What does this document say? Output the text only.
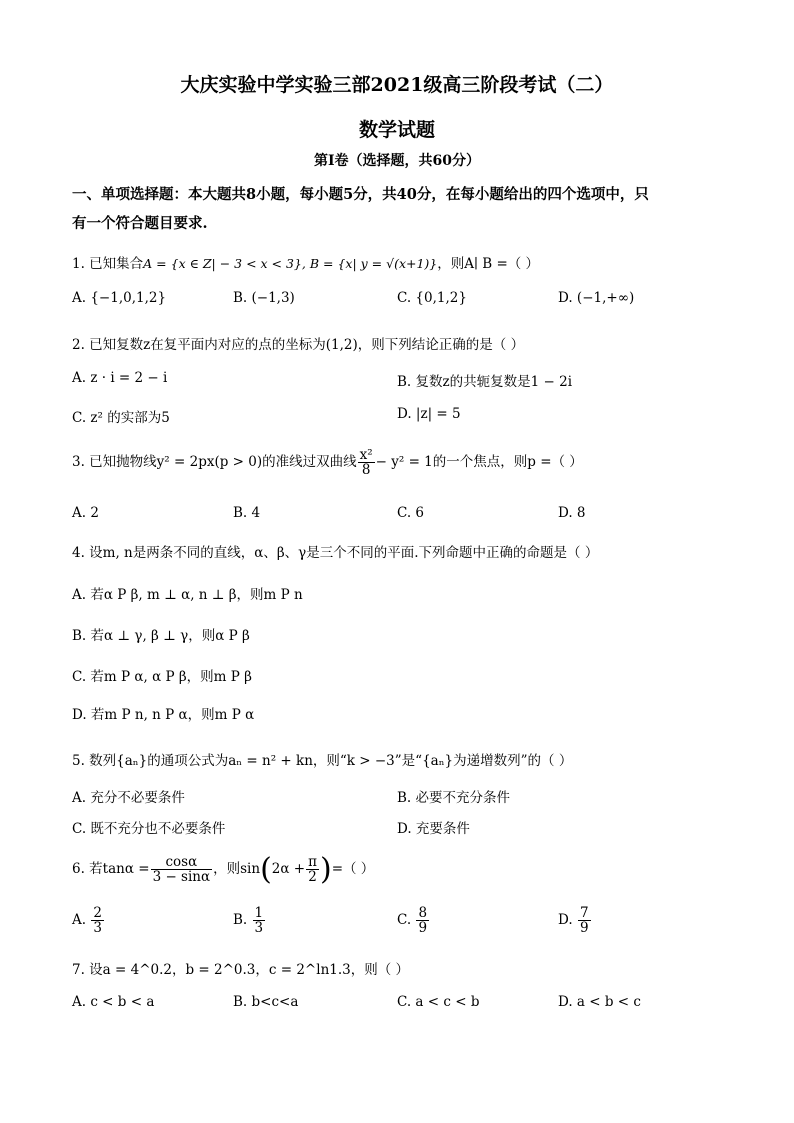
大庆实验中学实验三部2021级高三阶段考试（二）
数学试题
第I卷（选择题，共60分）
一、单项选择题：本大题共8小题，每小题5分，共40分，在每小题给出的四个选项中，只
有一个符合题目要求.
1. 已知集合A = {x ∈ Z| − 3 < x < 3}, B = {x| y = √(x+1)}，则A∣ B =（ ）
A. {−1,0,1,2}	B. (−1,3)	C. {0,1,2}	D. (−1,+∞)
2. 已知复数z在复平面内对应的点的坐标为(1,2)，则下列结论正确的是（ ）
A. z · i = 2 − i	B. 复数z的共轭复数是1 − 2i
C. z² 的实部为5	D. |z| = 5
3. 已知抛物线y² = 2px(p > 0)的准线过双曲线 $\frac{\text{x²}}{8} - y^2 = 1$的一个焦点，则p =（ ）
A. 2	B. 4	C. 6	D. 8
4. 设m, n是两条不同的直线，α、β、γ是三个不同的平面.下列命题中正确的命题是（ ）
A. 若α P β, m ⊥ α, n ⊥ β，则m P n
B. 若α ⊥ γ, β ⊥ γ，则α P β
C. 若m P α, α P β，则m P β
D. 若m P n, n P α，则m P α
5. 数列{aₙ}的通项公式为aₙ = n² + kn，则“k > −3”是“{aₙ}为递增数列”的（ ）
A. 充分不必要条件	B. 必要不充分条件
C. 既不充分也不必要条件	D. 充要条件
6. 若$\tan\alpha = \frac{\cos\alpha}{3 - \sin\alpha}$ ，则$\sin(2\alpha + \frac{\pi}{2}$ )=（ ）
A. $\frac{2}{3}$	B. $\frac{1}{3}$	C. $\frac{8}{9}$	D. $\frac{7}{9}$
7. 设a = 4^0.2，b = 2^0.3，c = 2^ln1.3，则（ ）
A. c < b < a	B. b<c<a	C. a < c < b	D. a < b < c
